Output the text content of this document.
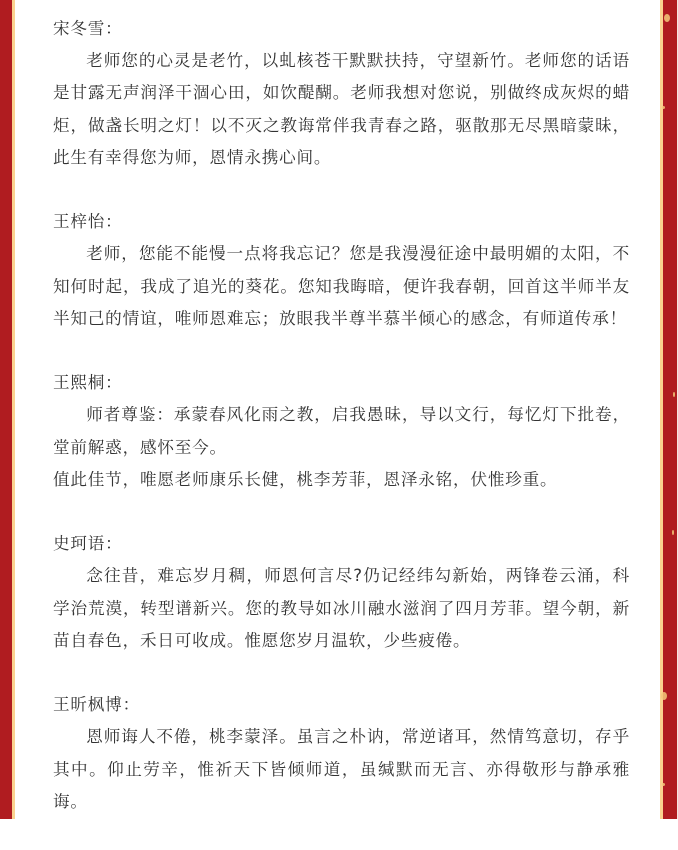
宋冬雪：

老师您的心灵是老竹，以虬核苍干默默扶持，守望新竹。老师您的话语是甘露无声润泽干涸心田，如饮醍醐。老师我想对您说，别做终成灰烬的蜡炬，做盏长明之灯！以不灭之教诲常伴我青春之路，驱散那无尽黑暗蒙昧，此生有幸得您为师，恩情永携心间。

王梓怡：

老师，您能不能慢一点将我忘记？您是我漫漫征途中最明媚的太阳，不知何时起，我成了追光的葵花。您知我晦暗，便许我春朝，回首这半师半友半知己的情谊，唯师恩难忘；放眼我半尊半慕半倾心的感念，有师道传承！

王熙桐：

师者尊鉴：承蒙春风化雨之教，启我愚昧，导以文行，每忆灯下批卷，堂前解惑，感怀至今。

值此佳节，唯愿老师康乐长健，桃李芳菲，恩泽永铭，伏惟珍重。

史珂语：

念往昔，难忘岁月稠，师恩何言尽?仍记经纬勾新始，两锋卷云涌，科学治荒漠，转型谱新兴。您的教导如冰川融水滋润了四月芳菲。望今朝，新苗自春色，禾日可收成。惟愿您岁月温软，少些疲倦。

王昕枫博：

恩师诲人不倦，桃李蒙泽。虽言之朴讷，常逆诸耳，然情笃意切，存乎其中。仰止劳辛，惟祈天下皆倾师道，虽缄默而无言、亦得敬形与静承雅诲。
